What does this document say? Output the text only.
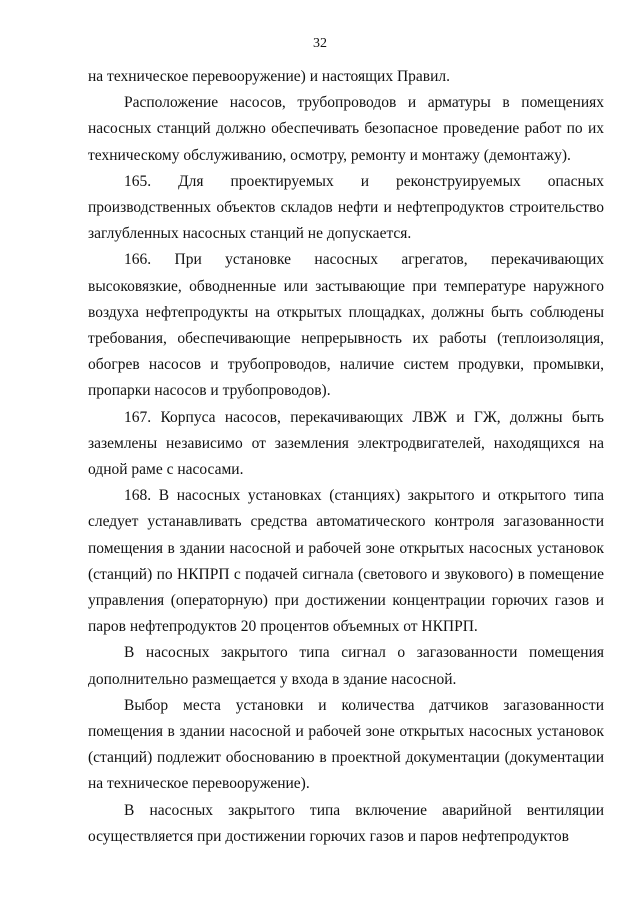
32

на техническое перевооружение) и настоящих Правил.

Расположение насосов, трубопроводов и арматуры в помещениях насосных станций должно обеспечивать безопасное проведение работ по их техническому обслуживанию, осмотру, ремонту и монтажу (демонтажу).

165. Для проектируемых и реконструируемых опасных производственных объектов складов нефти и нефтепродуктов строительство заглубленных насосных станций не допускается.

166. При установке насосных агрегатов, перекачивающих высоковязкие, обводненные или застывающие при температуре наружного воздуха нефтепродукты на открытых площадках, должны быть соблюдены требования, обеспечивающие непрерывность их работы (теплоизоляция, обогрев насосов и трубопроводов, наличие систем продувки, промывки, пропарки насосов и трубопроводов).

167. Корпуса насосов, перекачивающих ЛВЖ и ГЖ, должны быть заземлены независимо от заземления электродвигателей, находящихся на одной раме с насосами.

168. В насосных установках (станциях) закрытого и открытого типа следует устанавливать средства автоматического контроля загазованности помещения в здании насосной и рабочей зоне открытых насосных установок (станций) по НКПРП с подачей сигнала (светового и звукового) в помещение управления (операторную) при достижении концентрации горючих газов и паров нефтепродуктов 20 процентов объемных от НКПРП.

В насосных закрытого типа сигнал о загазованности помещения дополнительно размещается у входа в здание насосной.

Выбор места установки и количества датчиков загазованности помещения в здании насосной и рабочей зоне открытых насосных установок (станций) подлежит обоснованию в проектной документации (документации на техническое перевооружение).

В насосных закрытого типа включение аварийной вентиляции осуществляется при достижении горючих газов и паров нефтепродуктов
